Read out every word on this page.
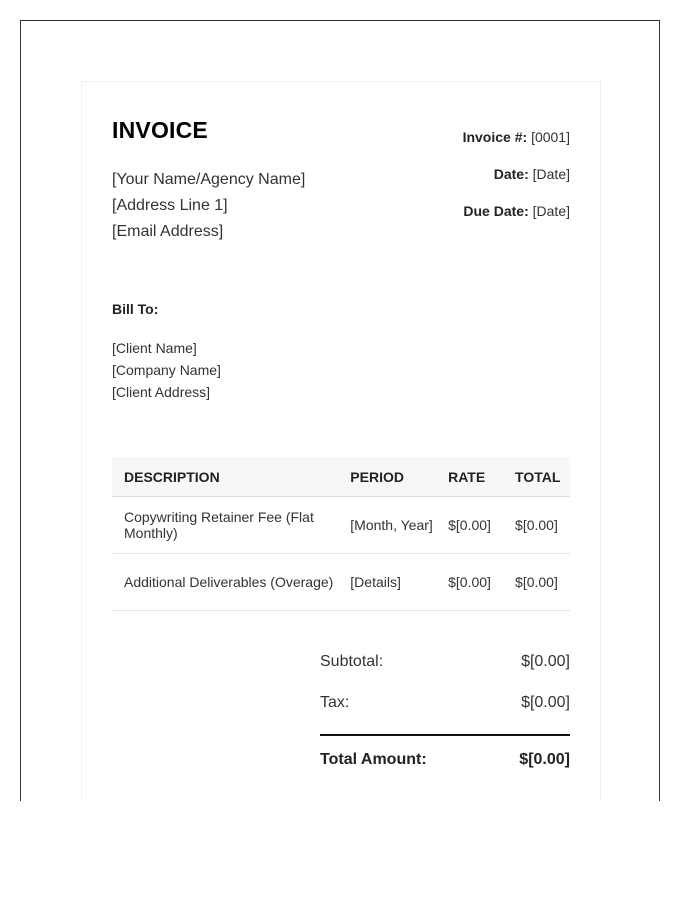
INVOICE
[Your Name/Agency Name]
[Address Line 1]
[Email Address]
Invoice #: [0001]
Date: [Date]
Due Date: [Date]
Bill To:
[Client Name]
[Company Name]
[Client Address]
DESCRIPTION	PERIOD	RATE	TOTAL
Copywriting Retainer Fee (Flat Monthly)	[Month, Year]	$[0.00]	$[0.00]
Additional Deliverables (Overage)	[Details]	$[0.00]	$[0.00]
Subtotal:	$[0.00]
Tax:	$[0.00]
Total Amount:	$[0.00]
